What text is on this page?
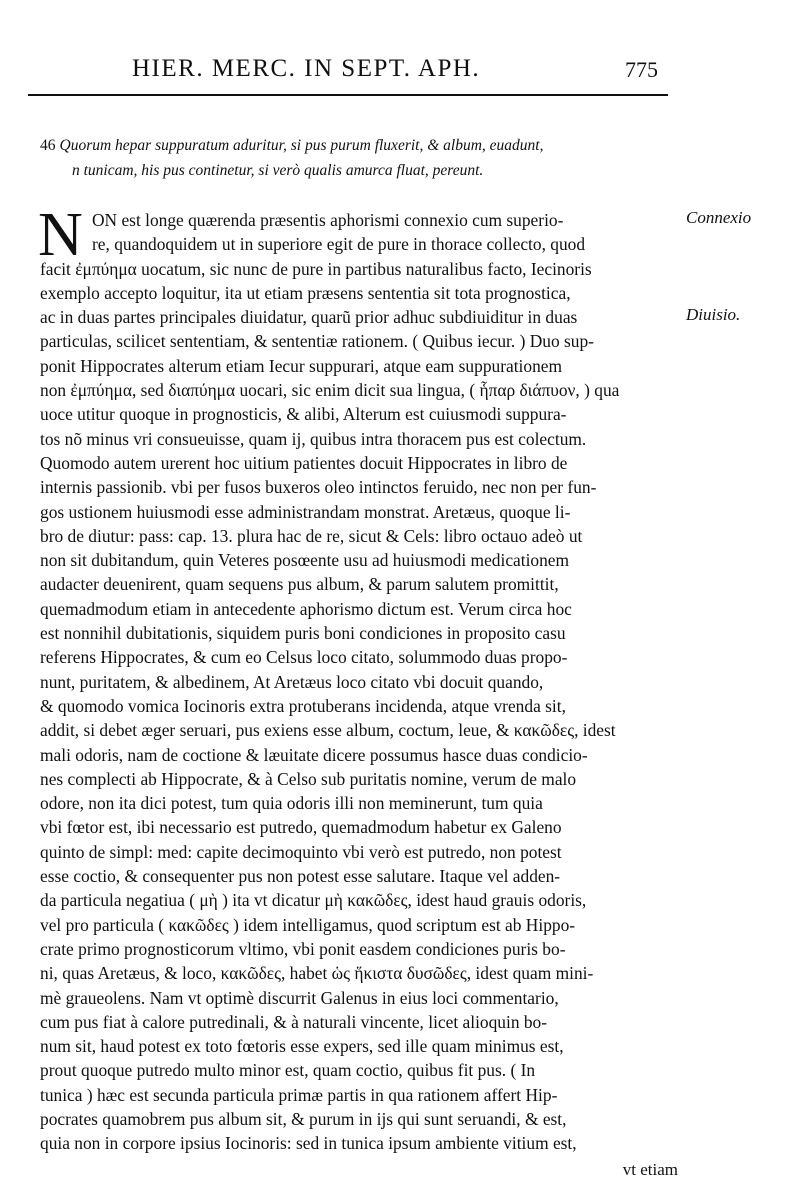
HIER. MERC. IN SEPT. APH.	775
46 Quorum hepar suppuratum aduritur, si pus purum fluxerit, & album, euadunt,
n tunicam, his pus continetur, si verò qualis amurca fluat, pereunt.
Connexio
Diuisio.
N ON est longe quærenda præsentis aphorismi connexio cum superio-
re, quandoquidem ut in superiore egit de pure in thorace collecto, quod
facit ἐμπύημα uocatum, sic nunc de pure in partibus naturalibus facto, Iecinoris
exemplo accepto loquitur, ita ut etiam præsens sententia sit tota prognostica,
ac in duas partes principales diuidatur, quarũ prior adhuc subdiuiditur in duas
particulas, scilicet sententiam, & sententiæ rationem. ( Quibus iecur. ) Duo sup-
ponit Hippocrates alterum etiam Iecur suppurari, atque eam suppurationem
non ἐμπύημα, sed διαπύημα uocari, sic enim dicit sua lingua, ( ἧπαρ διάπυον, ) qua
uoce utitur quoque in prognosticis, & alibi, Alterum est cuiusmodi suppura-
tos nõ minus vri consueuisse, quam ij, quibus intra thoracem pus est colectum.
Quomodo autem urerent hoc uitium patientes docuit Hippocrates in libro de
internis passionib. vbi per fusos buxeros oleo intinctos feruido, nec non per fun-
gos ustionem huiusmodi esse administrandam monstrat. Aretæus, quoque li-
bro de diutur: pass: cap. 13. plura hac de re, sicut & Cels: libro octauo adeò ut
non sit dubitandum, quin Veteres posœente usu ad huiusmodi medicationem
audacter deuenirent, quam sequens pus album, & parum salutem promittit,
quemadmodum etiam in antecedente aphorismo dictum est. Verum circa hoc
est nonnihil dubitationis, siquidem puris boni condiciones in proposito casu
referens Hippocrates, & cum eo Celsus loco citato, solummodo duas propo-
nunt, puritatem, & albedinem, At Aretæus loco citato vbi docuit quando,
& quomodo vomica Iocinoris extra protuberans incidenda, atque vrenda sit,
addit, si debet æger seruari, pus exiens esse album, coctum, leue, & κακῶδες, idest
mali odoris, nam de coctione & læuitate dicere possumus hasce duas condicio-
nes complecti ab Hippocrate, & à Celso sub puritatis nomine, verum de malo
odore, non ita dici potest, tum quia odoris illi non meminerunt, tum quia
vbi fœtor est, ibi necessario est putredo, quemadmodum habetur ex Galeno
quinto de simpl: med: capite decimoquinto vbi verò est putredo, non potest
esse coctio, & consequenter pus non potest esse salutare. Itaque vel adden-
da particula negatiua ( μὴ ) ita vt dicatur μὴ κακῶδες, idest haud grauis odoris,
vel pro particula ( κακῶδες ) idem intelligamus, quod scriptum est ab Hippo-
crate primo prognosticorum vltimo, vbi ponit easdem condiciones puris bo-
ni, quas Aretæus, & loco, κακῶδες, habet ὡς ἥκιστα δυσῶδες, idest quam mini-
mè graueolens. Nam vt optimè discurrit Galenus in eius loci commentario,
cum pus fiat à calore putredinali, & à naturali vincente, licet alioquin bo-
num sit, haud potest ex toto fœtoris esse expers, sed ille quam minimus est,
prout quoque putredo multo minor est, quam coctio, quibus fit pus. ( In
tunica ) hæc est secunda particula primæ partis in qua rationem affert Hip-
pocrates quamobrem pus album sit, & purum in ijs qui sunt seruandi, & est,
quia non in corpore ipsius Iocinoris: sed in tunica ipsum ambiente vitium est,
vt etiam
